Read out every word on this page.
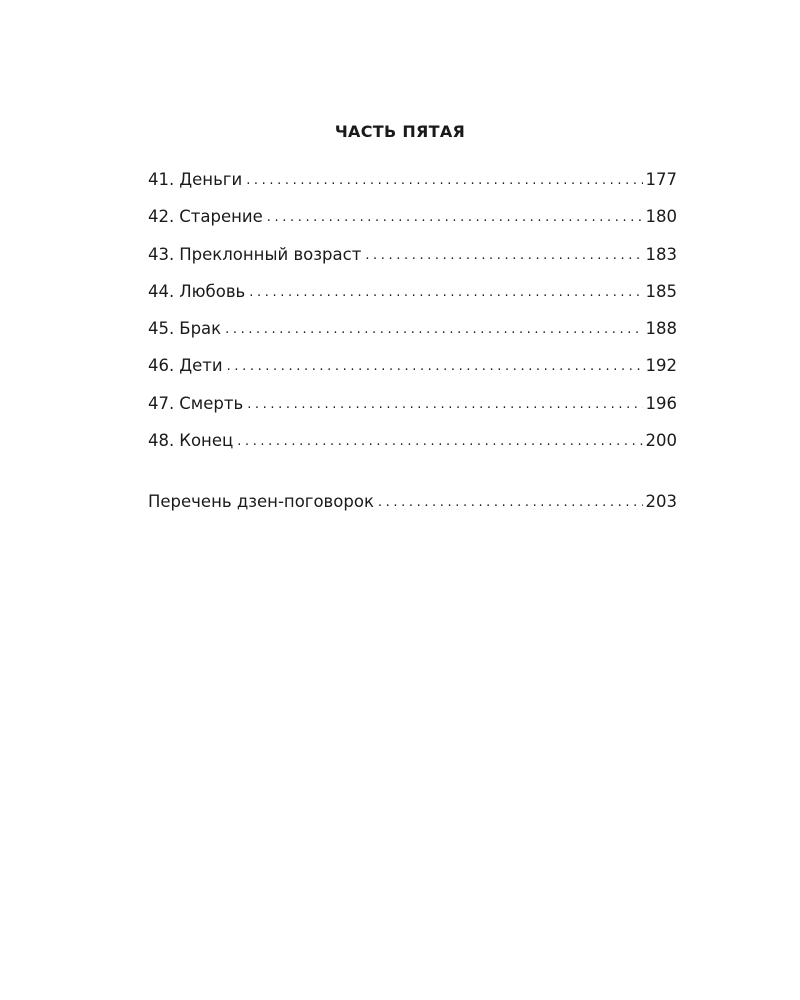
ЧАСТЬ ПЯТАЯ
41. Деньги .....	177
42. Старение .....	180
43. Преклонный возраст .....	183
44. Любовь .....	185
45. Брак .....	188
46. Дети .....	192
47. Смерть .....	196
48. Конец .....	200
Перечень дзен-поговорок .....	203
